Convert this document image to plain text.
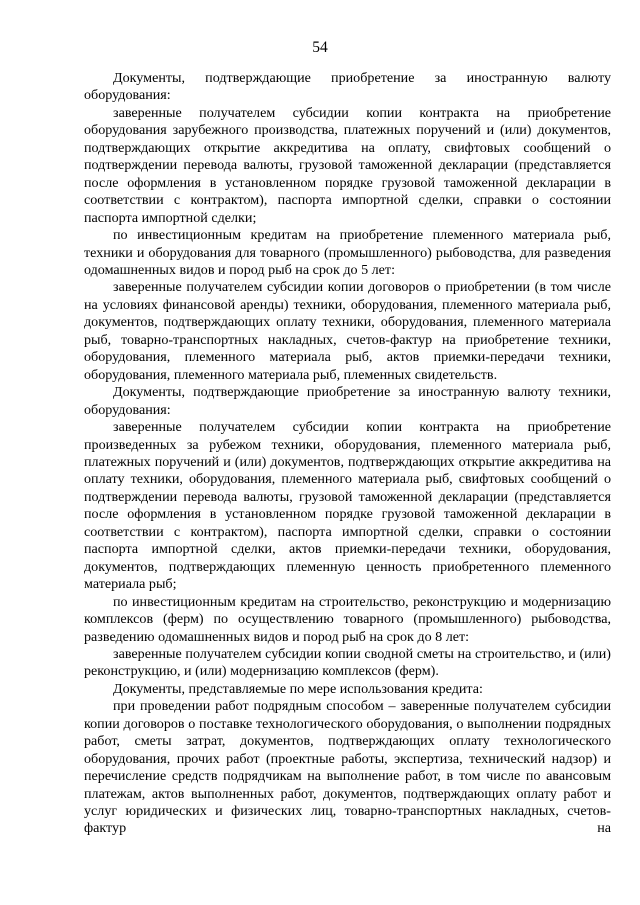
54

Документы, подтверждающие приобретение за иностранную валюту оборудования:

заверенные получателем субсидии копии контракта на приобретение оборудования зарубежного производства, платежных поручений и (или) документов, подтверждающих открытие аккредитива на оплату, свифтовых сообщений о подтверждении перевода валюты, грузовой таможенной декларации (представляется после оформления в установленном порядке грузовой таможенной декларации в соответствии с контрактом), паспорта импортной сделки, справки о состоянии паспорта импортной сделки;

по инвестиционным кредитам на приобретение племенного материала рыб, техники и оборудования для товарного (промышленного) рыбоводства, для разведения одомашненных видов и пород рыб на срок до 5 лет:

заверенные получателем субсидии копии договоров о приобретении (в том числе на условиях финансовой аренды) техники, оборудования, племенного материала рыб, документов, подтверждающих оплату техники, оборудования, племенного материала рыб, товарно-транспортных накладных, счетов-фактур на приобретение техники, оборудования, племенного материала рыб, актов приемки-передачи техники, оборудования, племенного материала рыб, племенных свидетельств.

Документы, подтверждающие приобретение за иностранную валюту техники, оборудования:

заверенные получателем субсидии копии контракта на приобретение произведенных за рубежом техники, оборудования, племенного материала рыб, платежных поручений и (или) документов, подтверждающих открытие аккредитива на оплату техники, оборудования, племенного материала рыб, свифтовых сообщений о подтверждении перевода валюты, грузовой таможенной декларации (представляется после оформления в установленном порядке грузовой таможенной декларации в соответствии с контрактом), паспорта импортной сделки, справки о состоянии паспорта импортной сделки, актов приемки-передачи техники, оборудования, документов, подтверждающих племенную ценность приобретенного племенного материала рыб;

по инвестиционным кредитам на строительство, реконструкцию и модернизацию комплексов (ферм) по осуществлению товарного (промышленного) рыбоводства, разведению одомашненных видов и пород рыб на срок до 8 лет:

заверенные получателем субсидии копии сводной сметы на строительство, и (или) реконструкцию, и (или) модернизацию комплексов (ферм).

Документы, представляемые по мере использования кредита:

при проведении работ подрядным способом – заверенные получателем субсидии копии договоров о поставке технологического оборудования, о выполнении подрядных работ, сметы затрат, документов, подтверждающих оплату технологического оборудования, прочих работ (проектные работы, экспертиза, технический надзор) и перечисление средств подрядчикам на выполнение работ, в том числе по авансовым платежам, актов выполненных работ, документов, подтверждающих оплату работ и услуг юридических и физических лиц, товарно-транспортных накладных, счетов-фактур на
